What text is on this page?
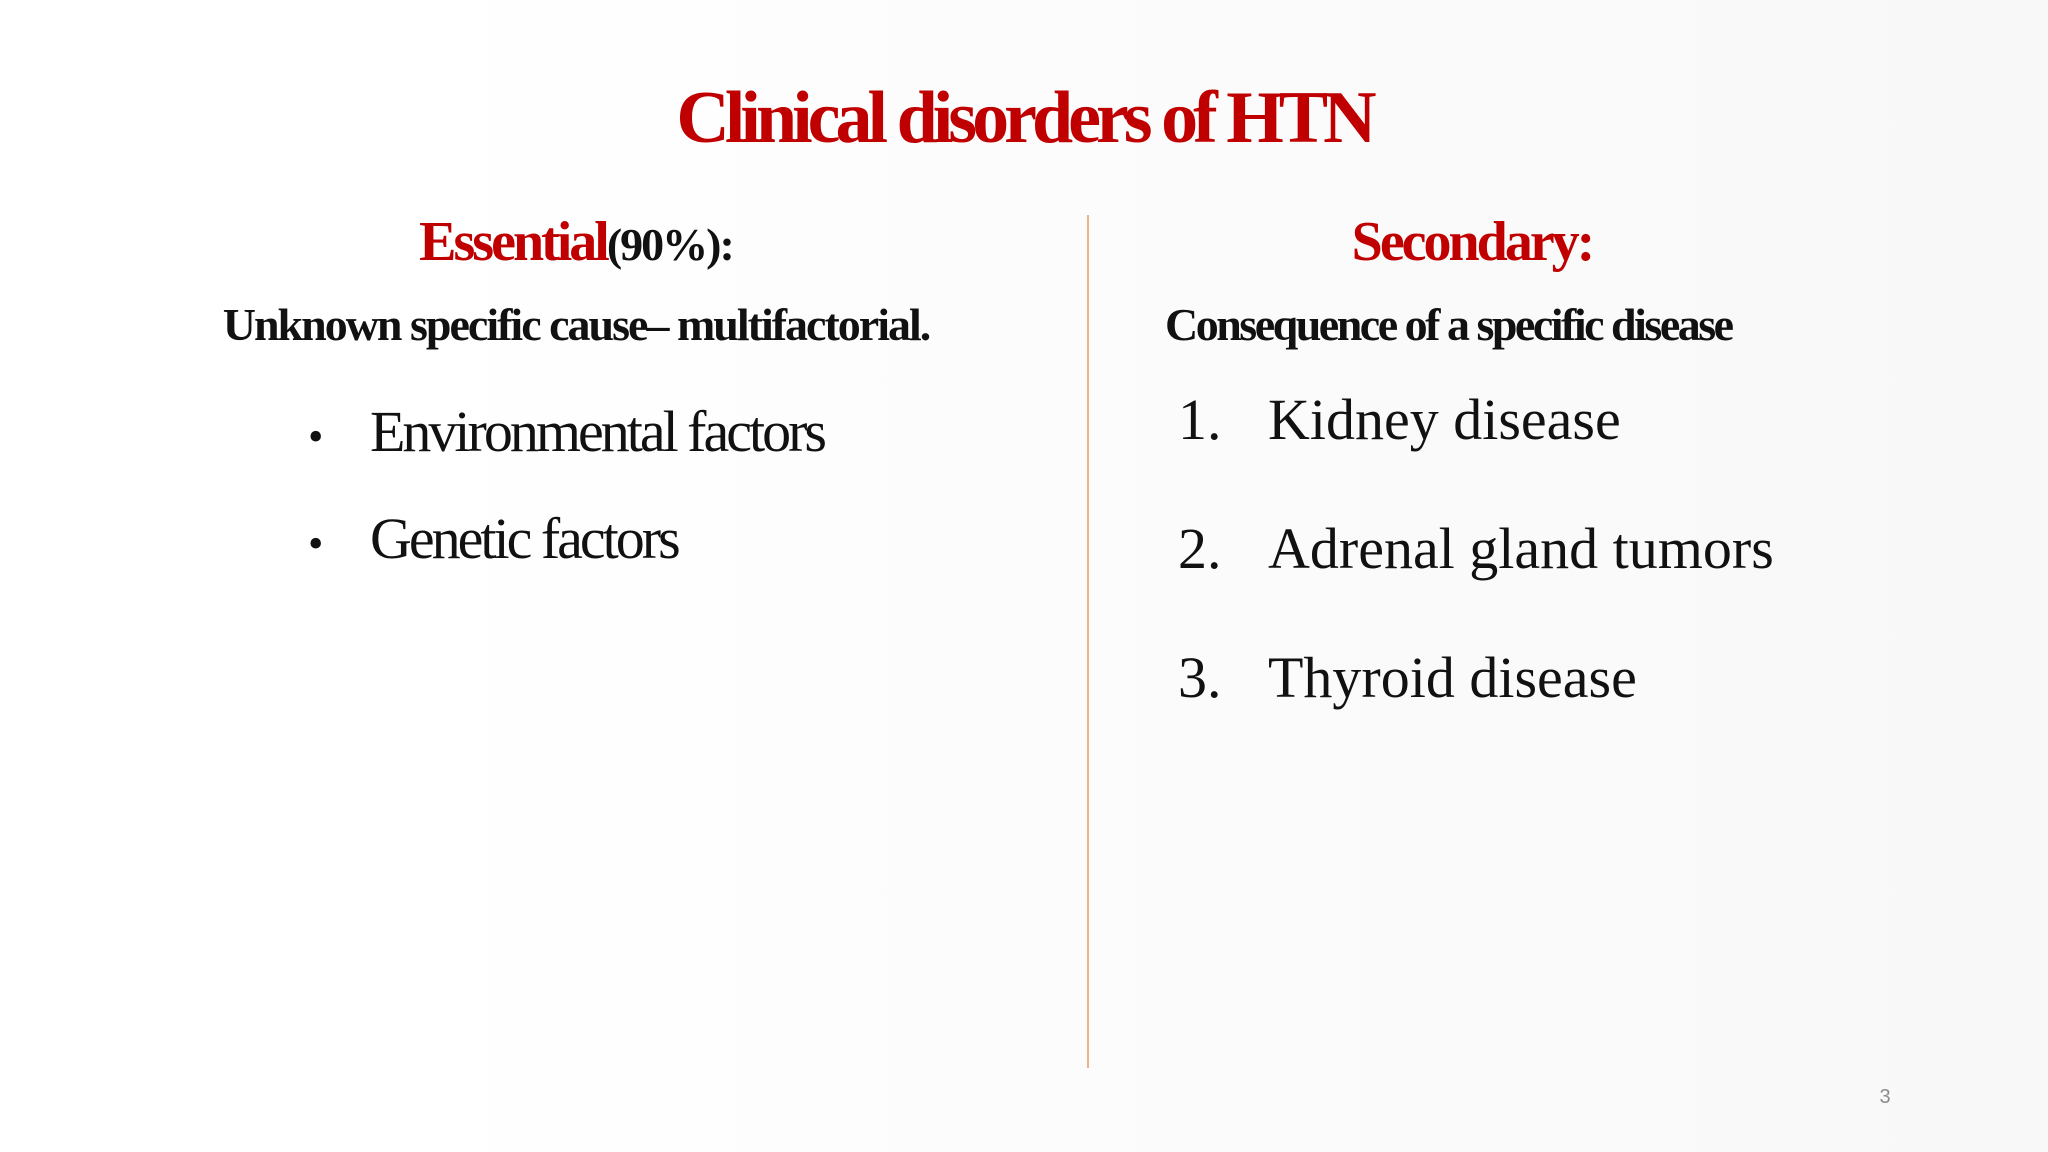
Clinical disorders of HTN
Essential(90%):
Unknown specific cause– multifactorial.
• Environmental factors
• Genetic factors
Secondary:
Consequence of a specific disease
1. Kidney disease
2. Adrenal gland tumors
3. Thyroid disease
3
